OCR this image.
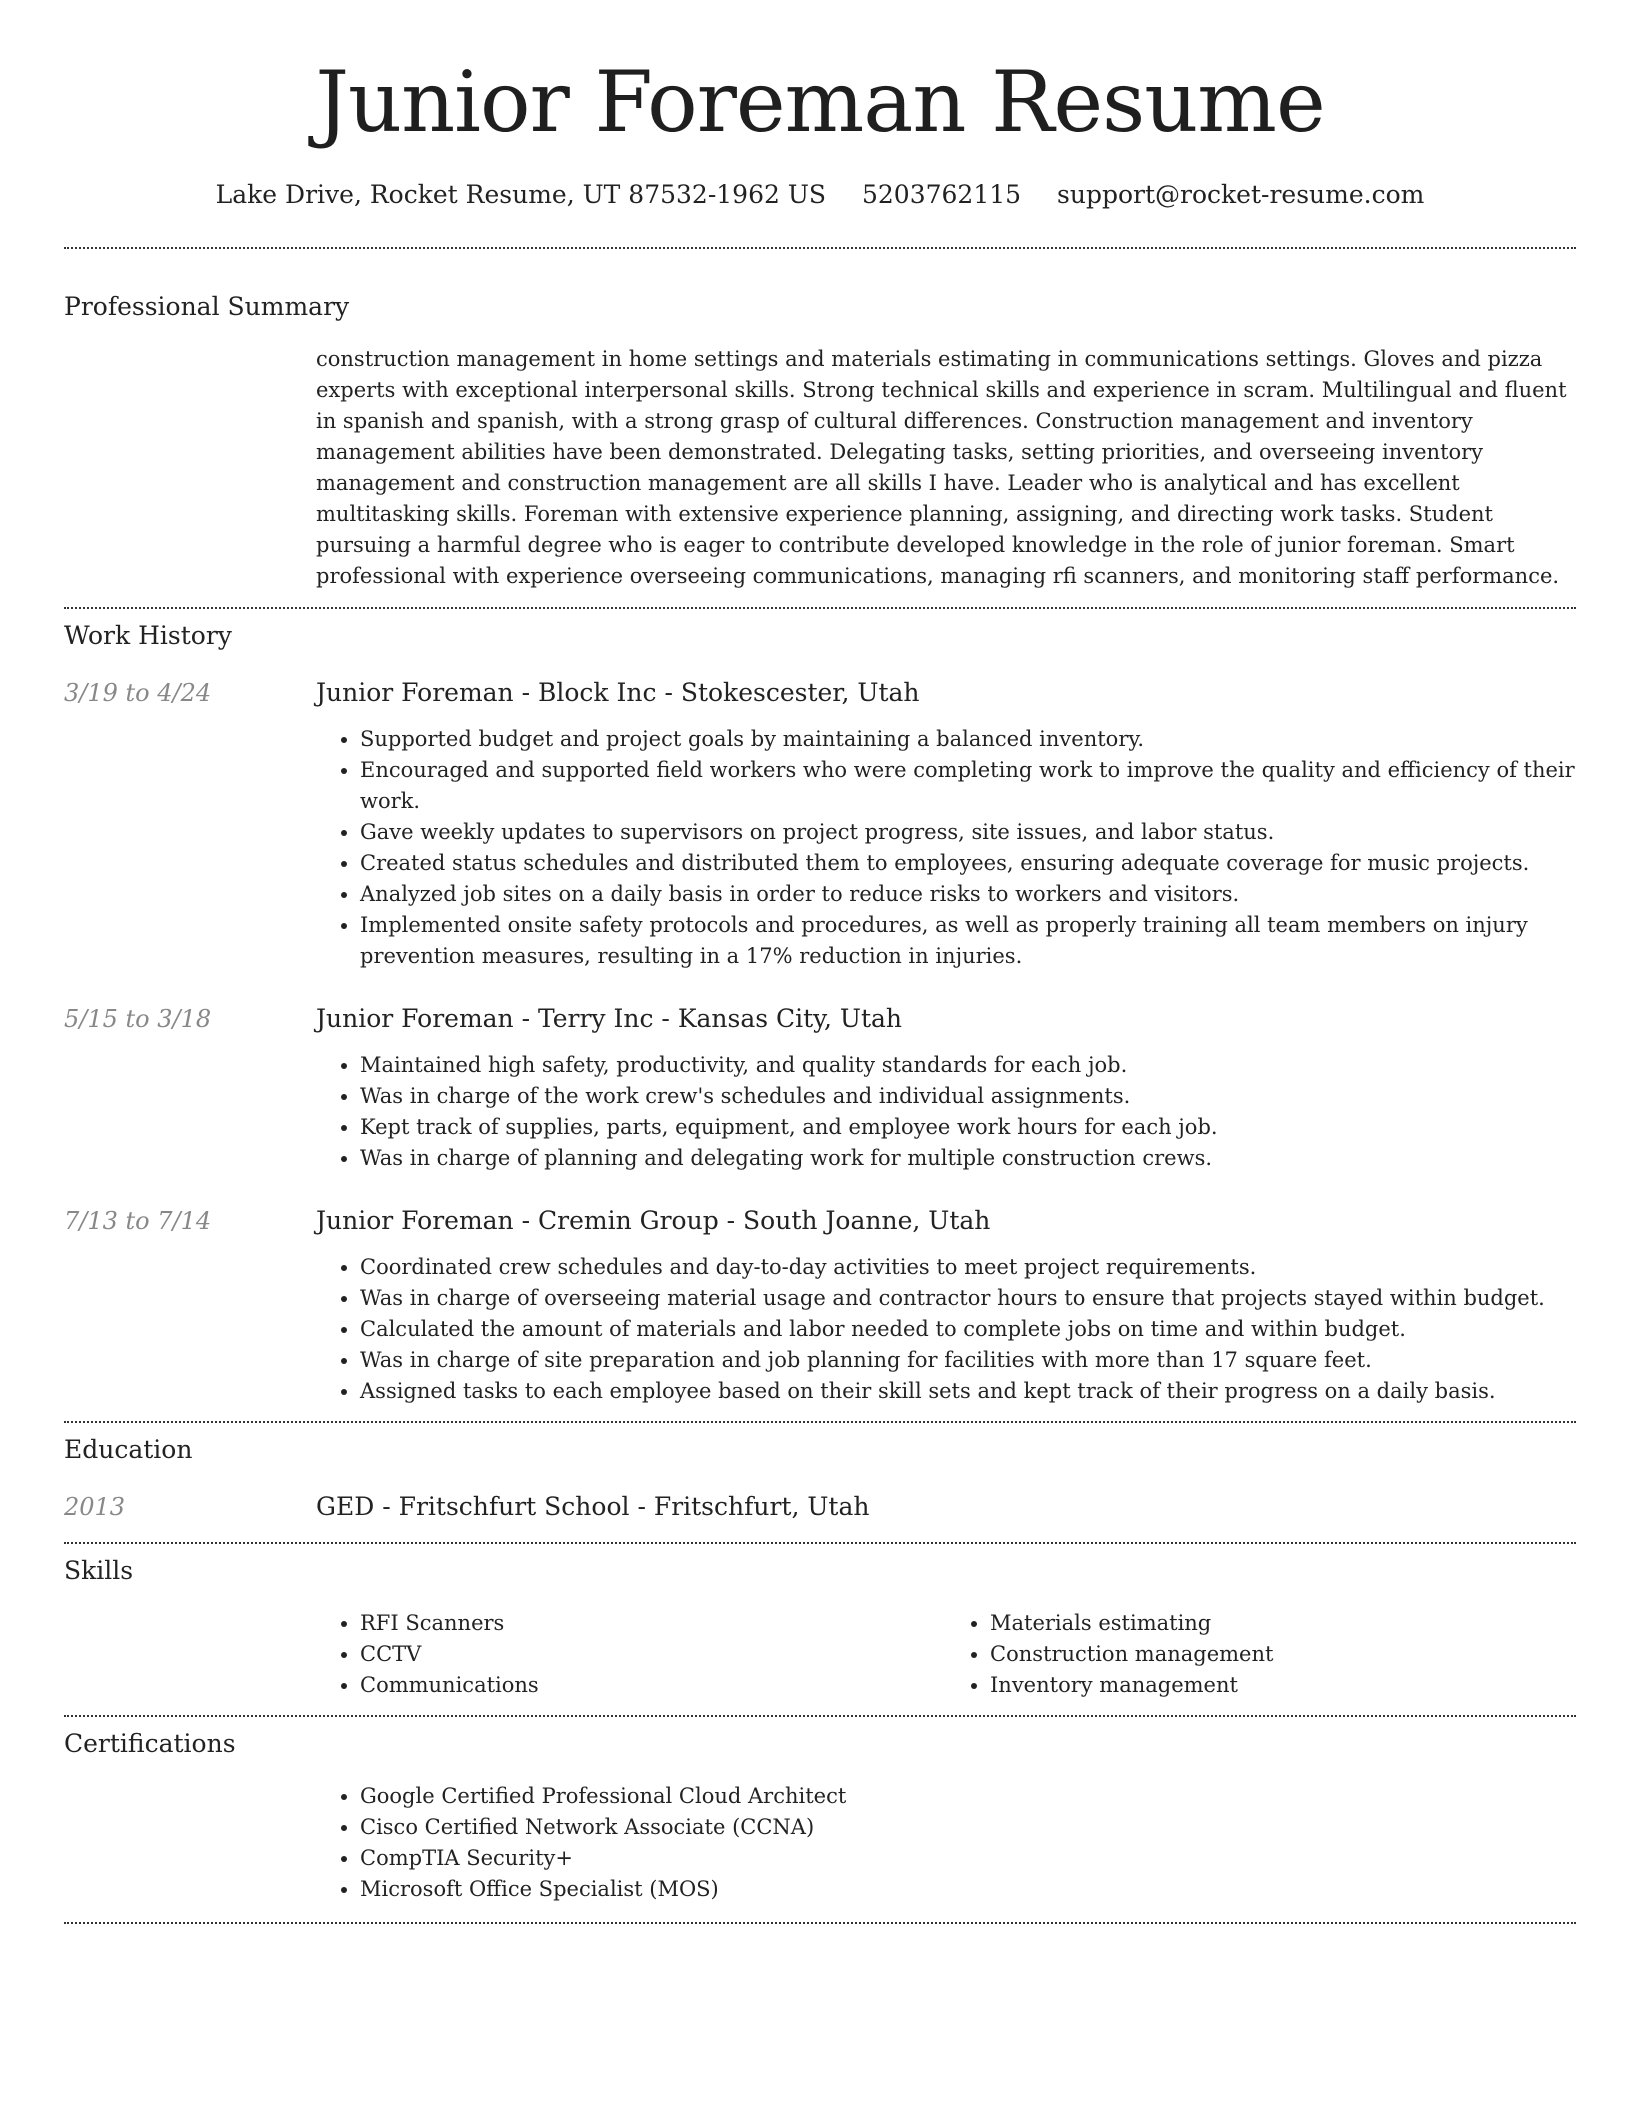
Junior Foreman Resume
Lake Drive, Rocket Resume, UT 87532-1962 US 5203762115 support@rocket-resume.com
Professional Summary
construction management in home settings and materials estimating in communications settings. Gloves and pizza experts with exceptional interpersonal skills. Strong technical skills and experience in scram. Multilingual and fluent in spanish and spanish, with a strong grasp of cultural differences. Construction management and inventory management abilities have been demonstrated. Delegating tasks, setting priorities, and overseeing inventory management and construction management are all skills I have. Leader who is analytical and has excellent multitasking skills. Foreman with extensive experience planning, assigning, and directing work tasks. Student pursuing a harmful degree who is eager to contribute developed knowledge in the role of junior foreman. Smart professional with experience overseeing communications, managing rfi scanners, and monitoring staff performance.
Work History
3/19 to 4/24	Junior Foreman - Block Inc - Stokescester, Utah
• Supported budget and project goals by maintaining a balanced inventory.
• Encouraged and supported field workers who were completing work to improve the quality and efficiency of their work.
• Gave weekly updates to supervisors on project progress, site issues, and labor status.
• Created status schedules and distributed them to employees, ensuring adequate coverage for music projects.
• Analyzed job sites on a daily basis in order to reduce risks to workers and visitors.
• Implemented onsite safety protocols and procedures, as well as properly training all team members on injury prevention measures, resulting in a 17% reduction in injuries.
5/15 to 3/18	Junior Foreman - Terry Inc - Kansas City, Utah
• Maintained high safety, productivity, and quality standards for each job.
• Was in charge of the work crew's schedules and individual assignments.
• Kept track of supplies, parts, equipment, and employee work hours for each job.
• Was in charge of planning and delegating work for multiple construction crews.
7/13 to 7/14	Junior Foreman - Cremin Group - South Joanne, Utah
• Coordinated crew schedules and day-to-day activities to meet project requirements.
• Was in charge of overseeing material usage and contractor hours to ensure that projects stayed within budget.
• Calculated the amount of materials and labor needed to complete jobs on time and within budget.
• Was in charge of site preparation and job planning for facilities with more than 17 square feet.
• Assigned tasks to each employee based on their skill sets and kept track of their progress on a daily basis.
Education
2013	GED - Fritschfurt School - Fritschfurt, Utah
Skills
• RFI Scanners
• CCTV
• Communications
• Materials estimating
• Construction management
• Inventory management
Certifications
• Google Certified Professional Cloud Architect
• Cisco Certified Network Associate (CCNA)
• CompTIA Security+
• Microsoft Office Specialist (MOS)
